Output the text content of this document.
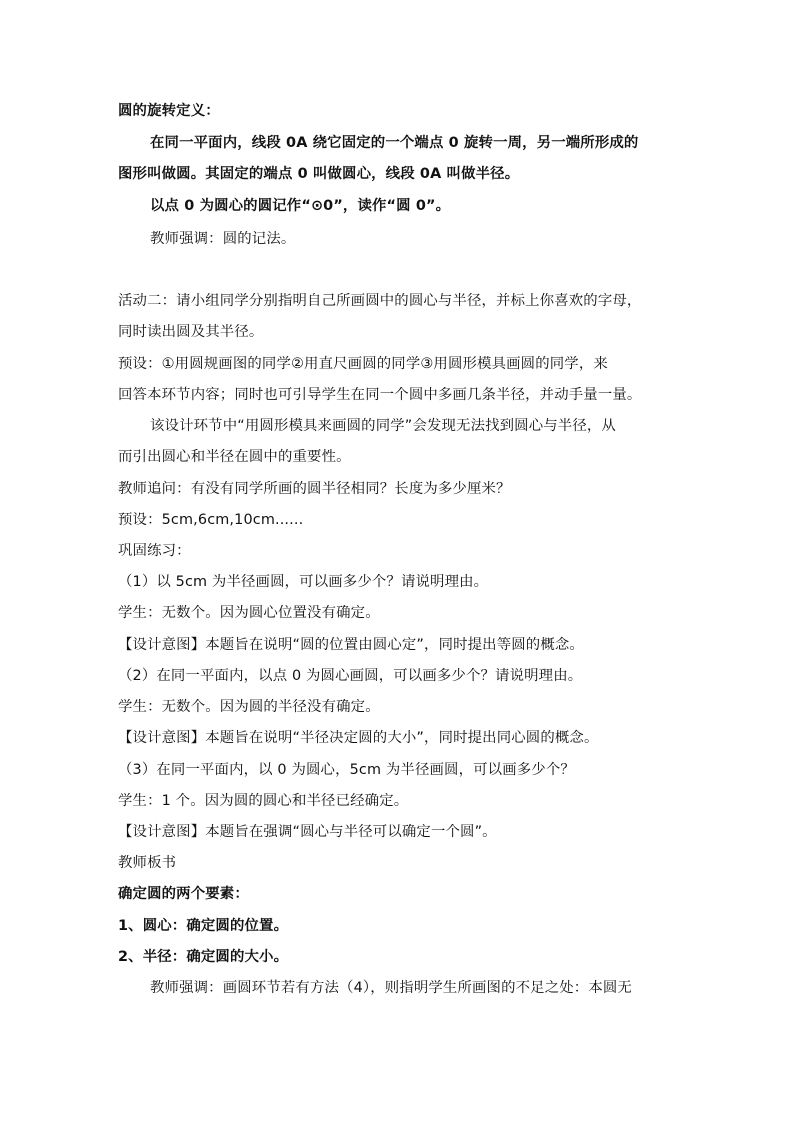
圆的旋转定义：
在同一平面内，线段 0A 绕它固定的一个端点 0 旋转一周，另一端所形成的
图形叫做圆。其固定的端点 0 叫做圆心，线段 0A 叫做半径。
以点 0 为圆心的圆记作“⊙0”，读作“圆 0”。
教师强调：圆的记法。
活动二：请小组同学分别指明自己所画圆中的圆心与半径，并标上你喜欢的字母，
同时读出圆及其半径。
预设：①用圆规画图的同学②用直尺画圆的同学③用圆形模具画圆的同学，来
回答本环节内容；同时也可引导学生在同一个圆中多画几条半径，并动手量一量。
该设计环节中“用圆形模具来画圆的同学”会发现无法找到圆心与半径，从
而引出圆心和半径在圆中的重要性。
教师追问：有没有同学所画的圆半径相同？长度为多少厘米？
预设：5cm,6cm,10cm......
巩固练习：
（1）以 5cm 为半径画圆，可以画多少个？请说明理由。
学生：无数个。因为圆心位置没有确定。
【设计意图】本题旨在说明“圆的位置由圆心定”，同时提出等圆的概念。
（2）在同一平面内，以点 0 为圆心画圆，可以画多少个？请说明理由。
学生：无数个。因为圆的半径没有确定。
【设计意图】本题旨在说明“半径决定圆的大小”，同时提出同心圆的概念。
（3）在同一平面内，以 0 为圆心，5cm 为半径画圆，可以画多少个？
学生：1 个。因为圆的圆心和半径已经确定。
【设计意图】本题旨在强调“圆心与半径可以确定一个圆”。
教师板书
确定圆的两个要素：
1、圆心：确定圆的位置。
2、半径：确定圆的大小。
教师强调：画圆环节若有方法（4），则指明学生所画图的不足之处：本圆无
